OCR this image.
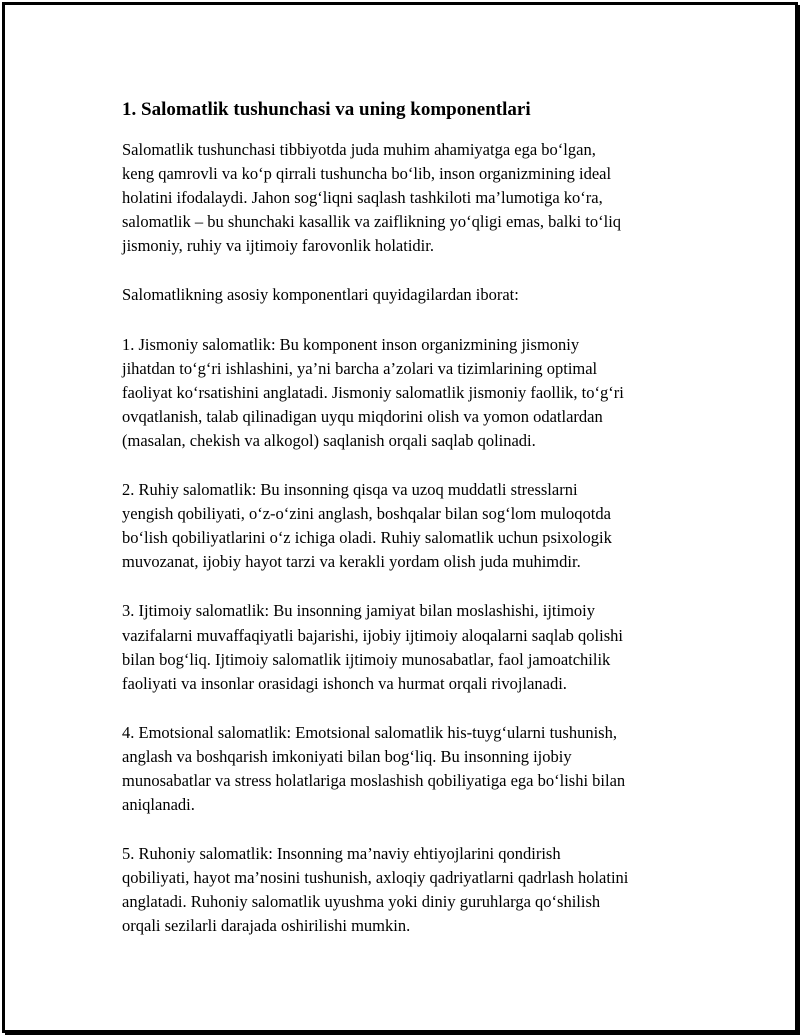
1. Salomatlik tushunchasi va uning komponentlari
Salomatlik tushunchasi tibbiyotda juda muhim ahamiyatga ega bo‘lgan,
keng qamrovli va ko‘p qirrali tushuncha bo‘lib, inson organizmining ideal
holatini ifodalaydi. Jahon sog‘liqni saqlash tashkiloti ma’lumotiga ko‘ra,
salomatlik – bu shunchaki kasallik va zaiflikning yo‘qligi emas, balki to‘liq
jismoniy, ruhiy va ijtimoiy farovonlik holatidir.
Salomatlikning asosiy komponentlari quyidagilardan iborat:
1. Jismoniy salomatlik: Bu komponent inson organizmining jismoniy
jihatdan to‘g‘ri ishlashini, ya’ni barcha a’zolari va tizimlarining optimal
faoliyat ko‘rsatishini anglatadi. Jismoniy salomatlik jismoniy faollik, to‘g‘ri
ovqatlanish, talab qilinadigan uyqu miqdorini olish va yomon odatlardan
(masalan, chekish va alkogol) saqlanish orqali saqlab qolinadi.
2. Ruhiy salomatlik: Bu insonning qisqa va uzoq muddatli stresslarni
yengish qobiliyati, o‘z-o‘zini anglash, boshqalar bilan sog‘lom muloqotda
bo‘lish qobiliyatlarini o‘z ichiga oladi. Ruhiy salomatlik uchun psixologik
muvozanat, ijobiy hayot tarzi va kerakli yordam olish juda muhimdir.
3. Ijtimoiy salomatlik: Bu insonning jamiyat bilan moslashishi, ijtimoiy
vazifalarni muvaffaqiyatli bajarishi, ijobiy ijtimoiy aloqalarni saqlab qolishi
bilan bog‘liq. Ijtimoiy salomatlik ijtimoiy munosabatlar, faol jamoatchilik
faoliyati va insonlar orasidagi ishonch va hurmat orqali rivojlanadi.
4. Emotsional salomatlik: Emotsional salomatlik his-tuyg‘ularni tushunish,
anglash va boshqarish imkoniyati bilan bog‘liq. Bu insonning ijobiy
munosabatlar va stress holatlariga moslashish qobiliyatiga ega bo‘lishi bilan
aniqlanadi.
5. Ruhoniy salomatlik: Insonning ma’naviy ehtiyojlarini qondirish
qobiliyati, hayot ma’nosini tushunish, axloqiy qadriyatlarni qadrlash holatini
anglatadi. Ruhoniy salomatlik uyushma yoki diniy guruhlarga qo‘shilish
orqali sezilarli darajada oshirilishi mumkin.
